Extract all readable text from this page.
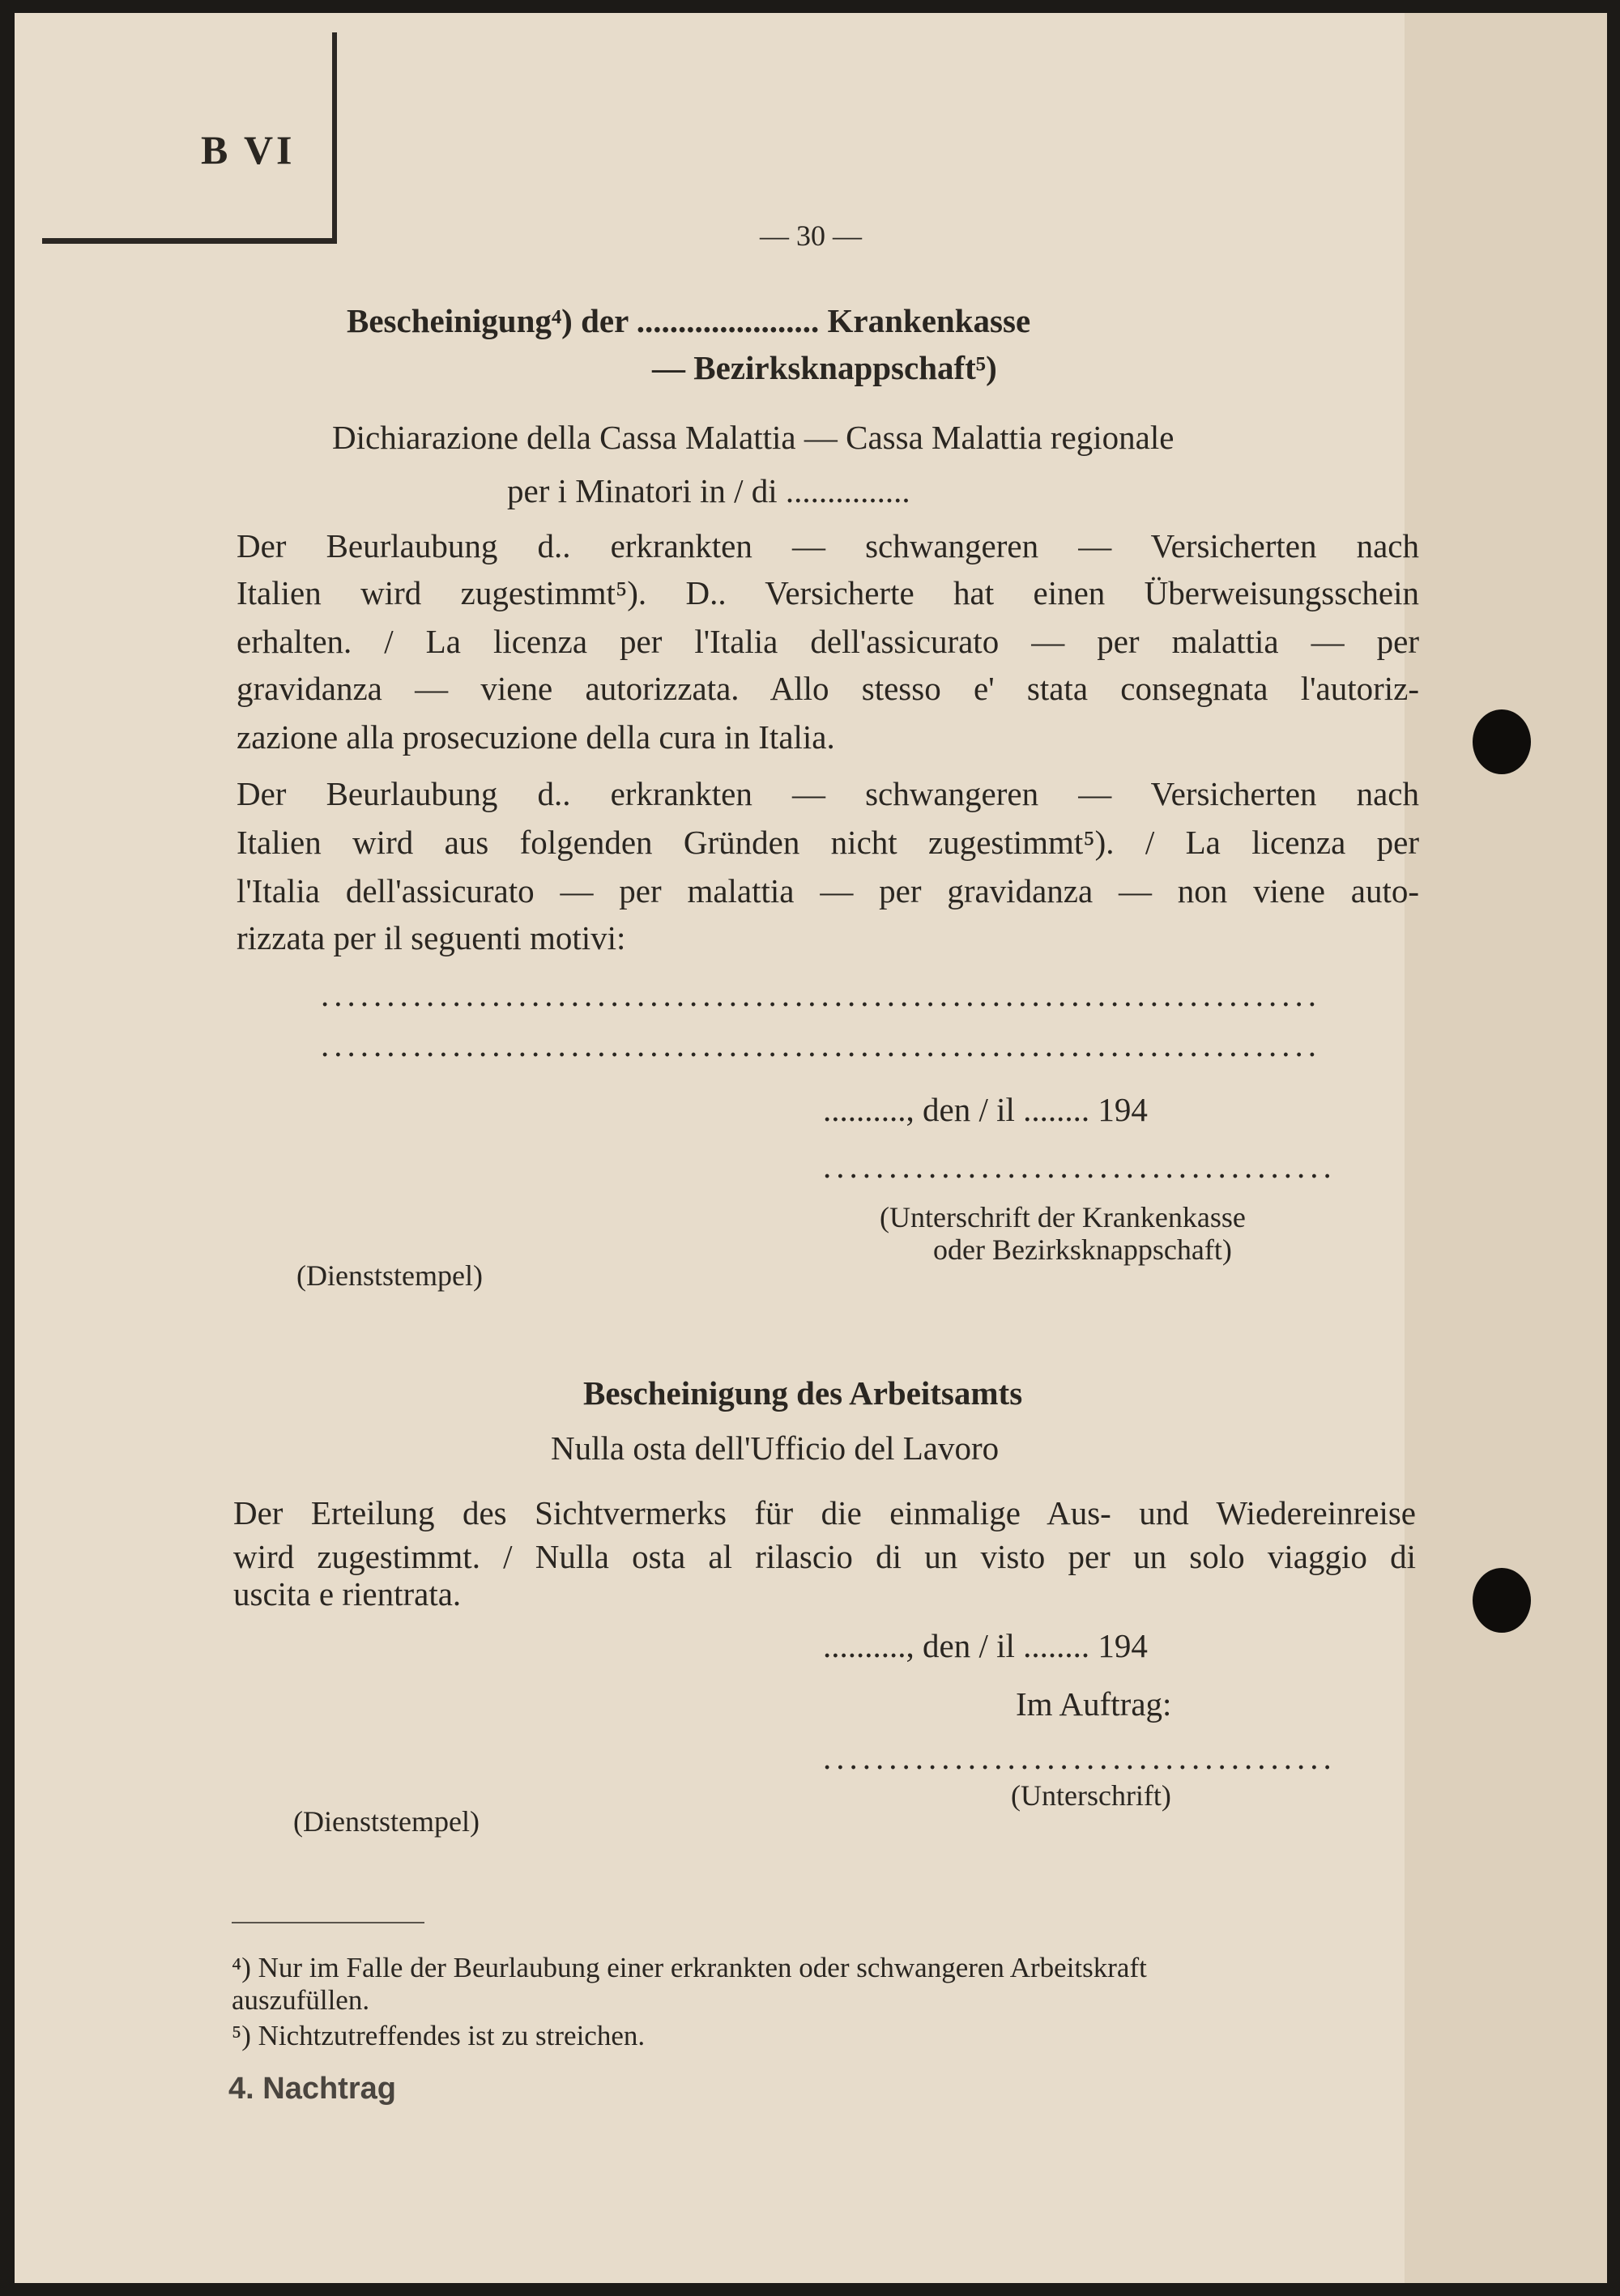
B VI
— 30 —
Bescheinigung⁴) der ...................... Krankenkasse
— Bezirksknappschaft⁵)
Dichiarazione della Cassa Malattia — Cassa Malattia regionale
per i Minatori in / di ...............
Der Beurlaubung d.. erkrankten — schwangeren — Versicherten nach
Italien wird zugestimmt⁵). D.. Versicherte hat einen Überweisungsschein
erhalten. / La licenza per l'Italia dell'assicurato — per malattia — per
gravidanza — viene autorizzata. Allo stesso e' stata consegnata l'autoriz-
zazione alla prosecuzione della cura in Italia.
Der Beurlaubung d.. erkrankten — schwangeren — Versicherten nach
Italien wird aus folgenden Gründen nicht zugestimmt⁵). / La licenza per
l'Italia dell'assicurato — per malattia — per gravidanza — non viene auto-
rizzata per il seguenti motivi:
............................................................................
............................................................................
.........., den / il ........ 194
.......................................
(Unterschrift der Krankenkasse
oder Bezirksknappschaft)
(Dienststempel)
Bescheinigung des Arbeitsamts
Nulla osta dell'Ufficio del Lavoro
Der Erteilung des Sichtvermerks für die einmalige Aus- und Wiedereinreise
wird zugestimmt. / Nulla osta al rilascio di un visto per un solo viaggio di
uscita e rientrata.
.........., den / il ........ 194
Im Auftrag:
.......................................
(Unterschrift)
(Dienststempel)
⁴) Nur im Falle der Beurlaubung einer erkrankten oder schwangeren Arbeitskraft
auszufüllen.
⁵) Nichtzutreffendes ist zu streichen.
4. Nachtrag
